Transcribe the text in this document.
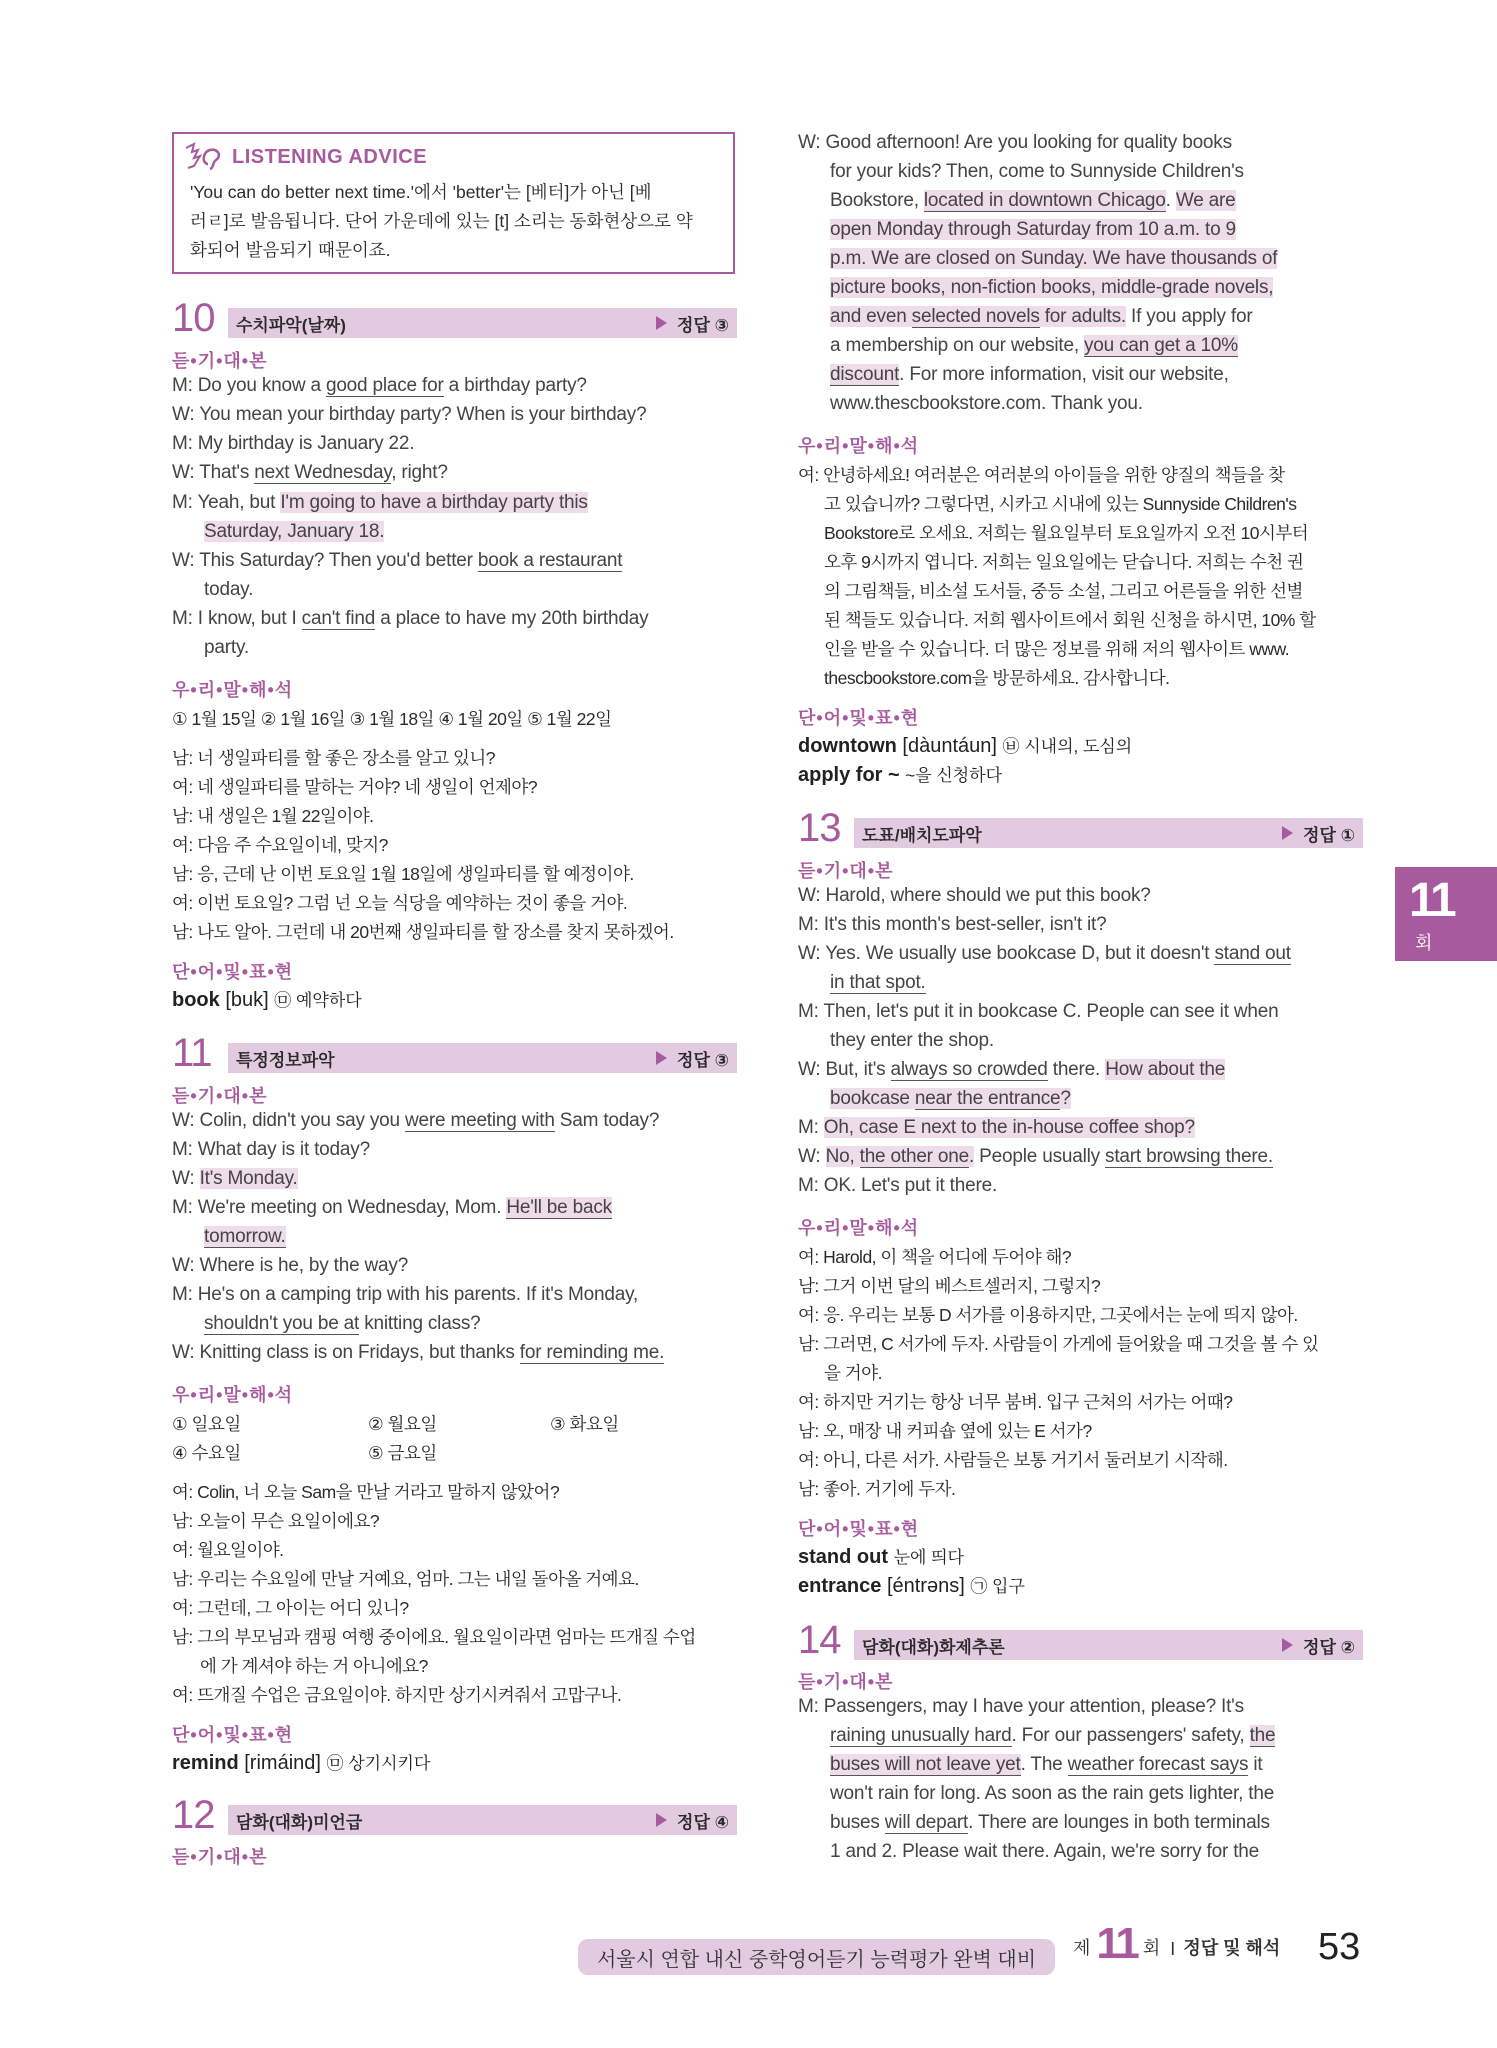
LISTENING ADVICE
'You can do better next time.'에서 'better'는 [베터]가 아닌 [베
러ㄹ]로 발음됩니다. 단어 가운데에 있는 [t] 소리는 동화현상으로 약
화되어 발음되기 때문이죠.
10	수치파악(날짜)	정답 ③
듣•기•대•본
M: Do you know a good place for a birthday party?
W: You mean your birthday party? When is your birthday?
M: My birthday is January 22.
W: That's next Wednesday, right?
M: Yeah, but I'm going to have a birthday party this
Saturday, January 18.
W: This Saturday? Then you'd better book a restaurant
today.
M: I know, but I can't find a place to have my 20th birthday
party.
우•리•말•해•석
① 1월 15일 ② 1월 16일 ③ 1월 18일 ④ 1월 20일 ⑤ 1월 22일
남: 너 생일파티를 할 좋은 장소를 알고 있니?
여: 네 생일파티를 말하는 거야? 네 생일이 언제야?
남: 내 생일은 1월 22일이야.
여: 다음 주 수요일이네, 맞지?
남: 응, 근데 난 이번 토요일 1월 18일에 생일파티를 할 예정이야.
여: 이번 토요일? 그럼 넌 오늘 식당을 예약하는 것이 좋을 거야.
남: 나도 알아. 그런데 내 20번째 생일파티를 할 장소를 찾지 못하겠어.
단•어•및•표•현
book [buk] ㉤ 예약하다
11	특정정보파악	정답 ③
듣•기•대•본
W: Colin, didn't you say you were meeting with Sam today?
M: What day is it today?
W: It's Monday.
M: We're meeting on Wednesday, Mom. He'll be back
tomorrow.
W: Where is he, by the way?
M: He's on a camping trip with his parents. If it's Monday,
shouldn't you be at knitting class?
W: Knitting class is on Fridays, but thanks for reminding me.
우•리•말•해•석
① 일요일	② 월요일	③ 화요일
④ 수요일	⑤ 금요일
여: Colin, 너 오늘 Sam을 만날 거라고 말하지 않았어?
남: 오늘이 무슨 요일이에요?
여: 월요일이야.
남: 우리는 수요일에 만날 거예요, 엄마. 그는 내일 돌아올 거예요.
여: 그런데, 그 아이는 어디 있니?
남: 그의 부모님과 캠핑 여행 중이에요. 월요일이라면 엄마는 뜨개질 수업
에 가 계셔야 하는 거 아니에요?
여: 뜨개질 수업은 금요일이야. 하지만 상기시켜줘서 고맙구나.
단•어•및•표•현
remind [rimáind] ㉤ 상기시키다
12	담화(대화)미언급	정답 ④
듣•기•대•본
W: Good afternoon! Are you looking for quality books
for your kids? Then, come to Sunnyside Children's
Bookstore, located in downtown Chicago. We are
open Monday through Saturday from 10 a.m. to 9
p.m. We are closed on Sunday. We have thousands of
picture books, non-fiction books, middle-grade novels,
and even selected novels for adults. If you apply for
a membership on our website, you can get a 10%
discount. For more information, visit our website,
www.thescbookstore.com. Thank you.
우•리•말•해•석
여: 안녕하세요! 여러분은 여러분의 아이들을 위한 양질의 책들을 찾
고 있습니까? 그렇다면, 시카고 시내에 있는 Sunnyside Children's
Bookstore로 오세요. 저희는 월요일부터 토요일까지 오전 10시부터
오후 9시까지 엽니다. 저희는 일요일에는 닫습니다. 저희는 수천 권
의 그림책들, 비소설 도서들, 중등 소설, 그리고 어른들을 위한 선별
된 책들도 있습니다. 저희 웹사이트에서 회원 신청을 하시면, 10% 할
인을 받을 수 있습니다. 더 많은 정보를 위해 저의 웹사이트 www.
thescbookstore.com을 방문하세요. 감사합니다.
단•어•및•표•현
downtown [dàuntáun] ㉥ 시내의, 도심의
apply for ~ ~을 신청하다
13	도표/배치도파악	정답 ①
듣•기•대•본
W: Harold, where should we put this book?
M: It's this month's best-seller, isn't it?
W: Yes. We usually use bookcase D, but it doesn't stand out
in that spot.
M: Then, let's put it in bookcase C. People can see it when
they enter the shop.
W: But, it's always so crowded there. How about the
bookcase near the entrance?
M: Oh, case E next to the in-house coffee shop?
W: No, the other one. People usually start browsing there.
M: OK. Let's put it there.
우•리•말•해•석
여: Harold, 이 책을 어디에 두어야 해?
남: 그거 이번 달의 베스트셀러지, 그렇지?
여: 응. 우리는 보통 D 서가를 이용하지만, 그곳에서는 눈에 띄지 않아.
남: 그러면, C 서가에 두자. 사람들이 가게에 들어왔을 때 그것을 볼 수 있
을 거야.
여: 하지만 거기는 항상 너무 붐벼. 입구 근처의 서가는 어때?
남: 오, 매장 내 커피숍 옆에 있는 E 서가?
여: 아니, 다른 서가. 사람들은 보통 거기서 둘러보기 시작해.
남: 좋아. 거기에 두자.
단•어•및•표•현
stand out 눈에 띄다
entrance [éntrəns] ㉠ 입구
14	담화(대화)화제추론	정답 ②
듣•기•대•본
M: Passengers, may I have your attention, please? It's
raining unusually hard. For our passengers' safety, the
buses will not leave yet. The weather forecast says it
won't rain for long. As soon as the rain gets lighter, the
buses will depart. There are lounges in both terminals
1 and 2. Please wait there. Again, we're sorry for the
11
회
서울시 연합 내신 중학영어듣기 능력평가 완벽 대비
제 11 회 I 정답 및 해석 53
